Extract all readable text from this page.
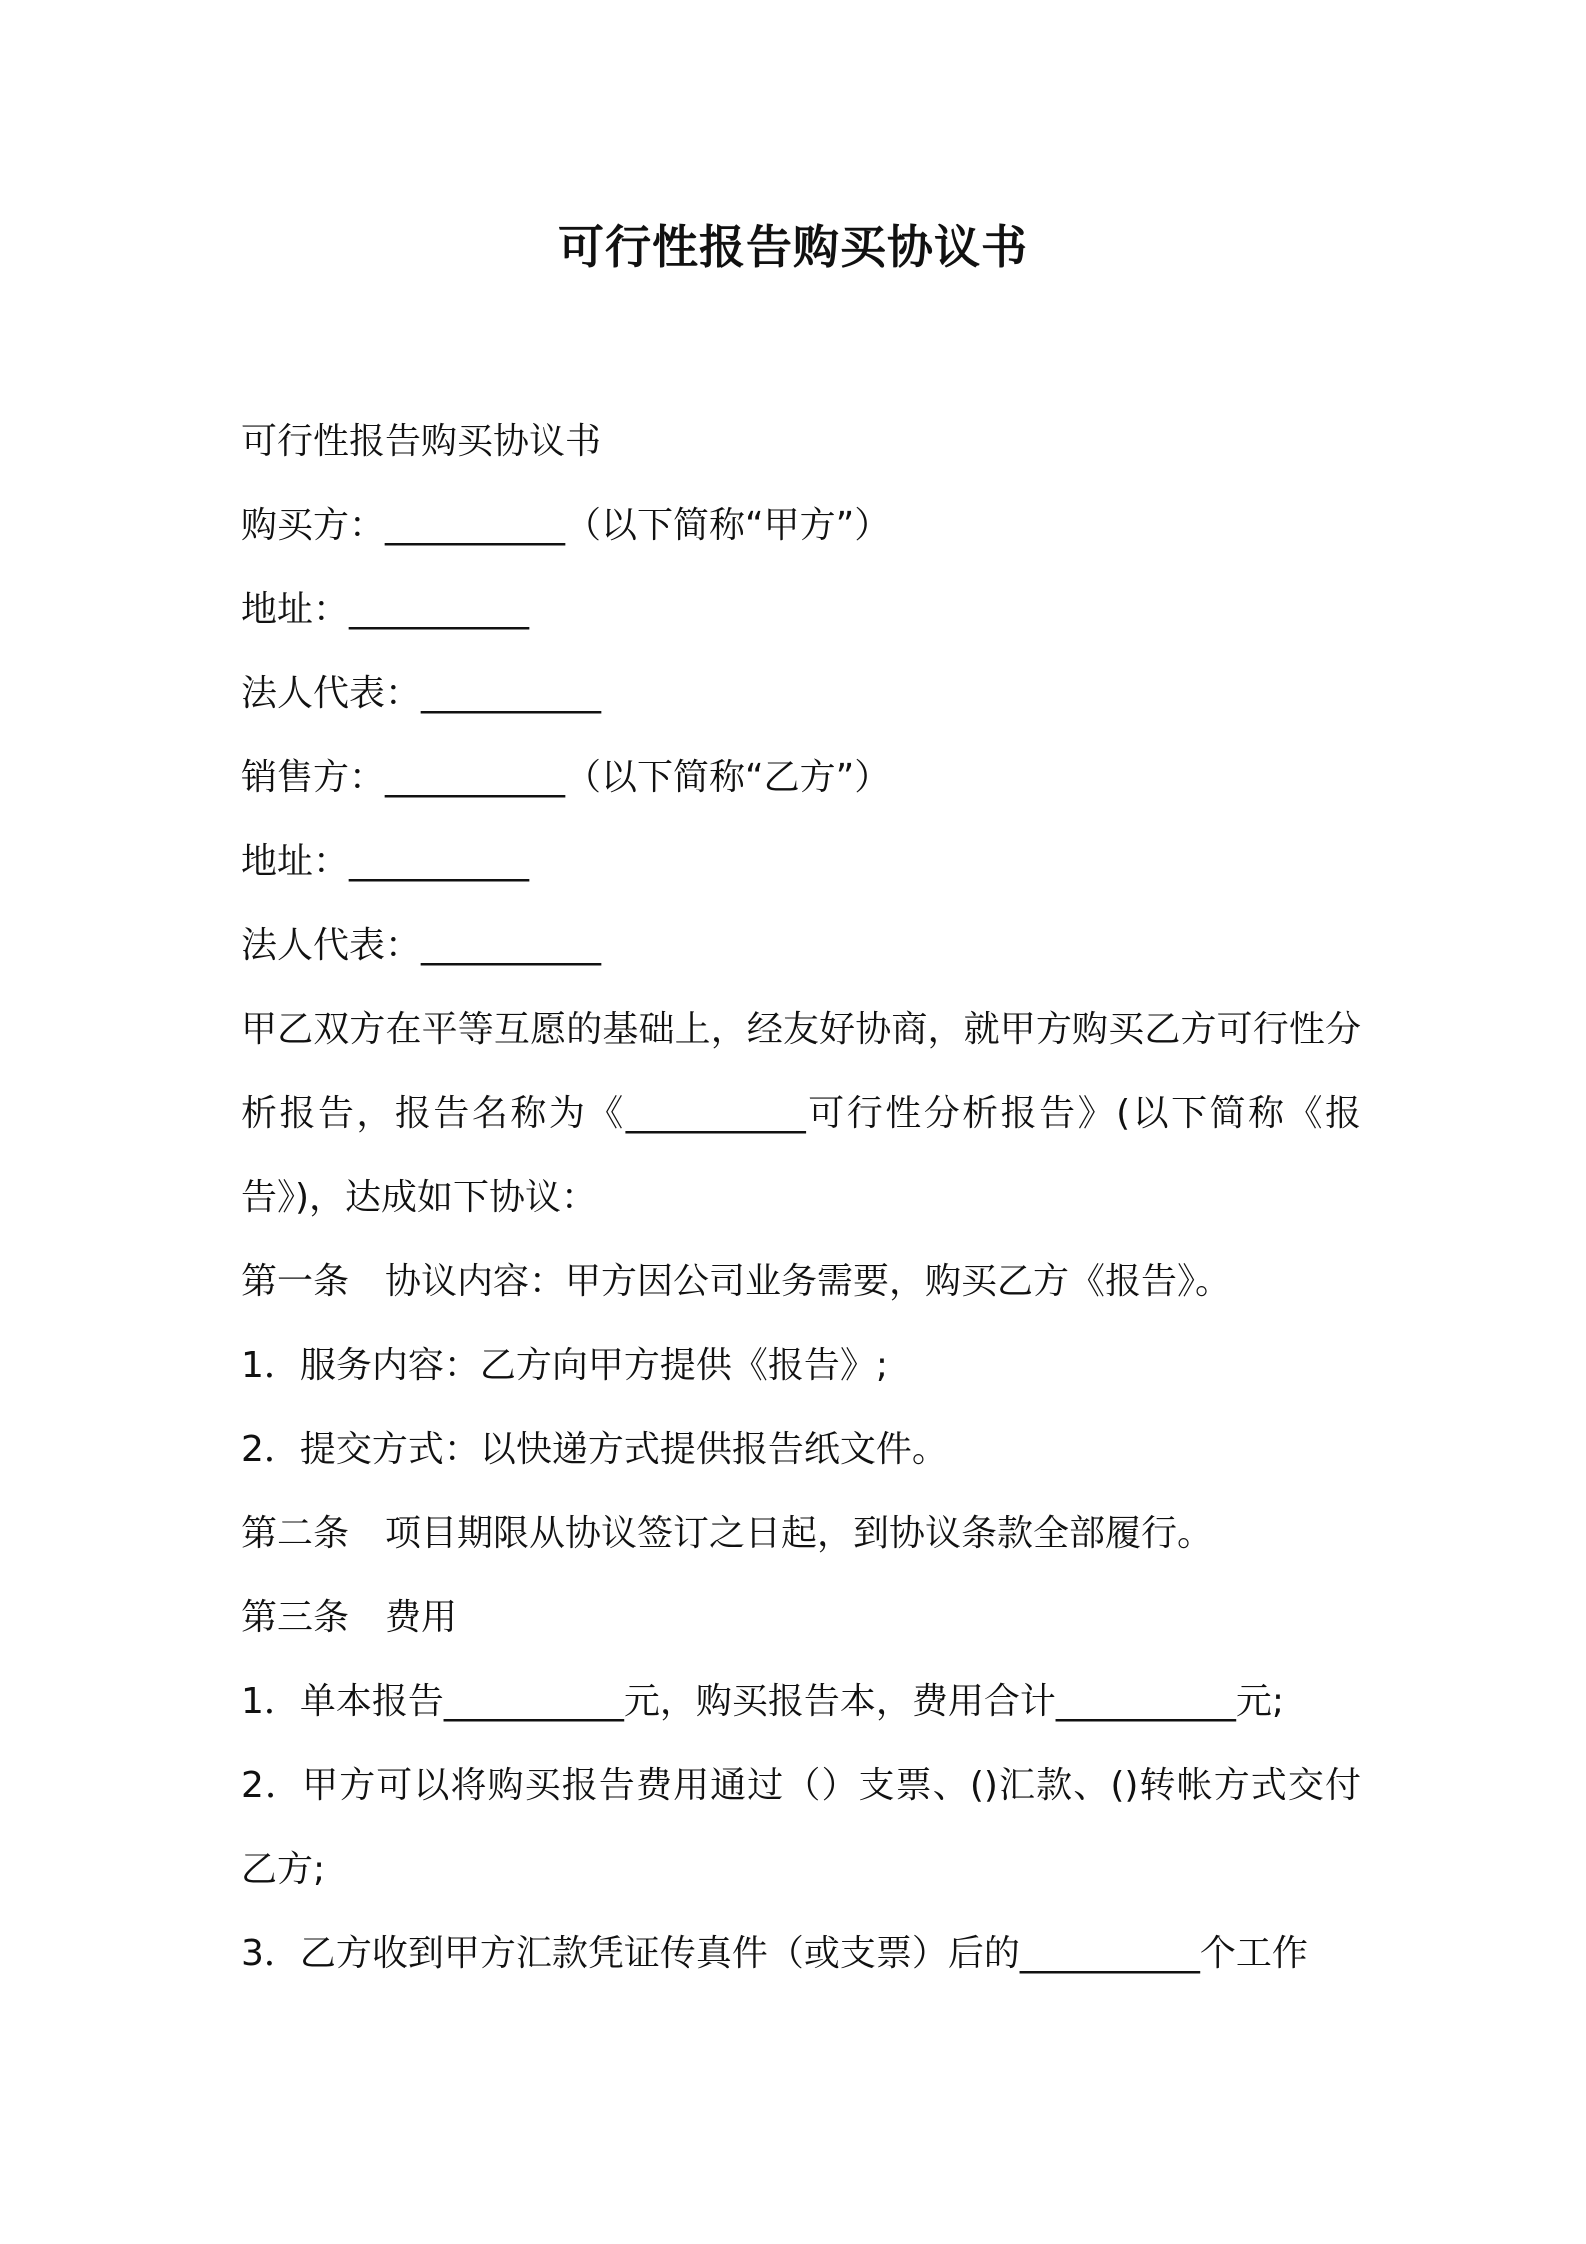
可行性报告购买协议书

可行性报告购买协议书

购买方：__________（以下简称“甲方”）

地址：__________

法人代表：__________

销售方：__________（以下简称“乙方”）

地址：__________

法人代表：__________

甲乙双方在平等互愿的基础上，经友好协商，就甲方购买乙方可行性分析报告，报告名称为《__________可行性分析报告》(以下简称《报告》)，达成如下协议：

第一条　协议内容：甲方因公司业务需要，购买乙方《报告》。

1．服务内容：乙方向甲方提供《报告》;

2．提交方式：以快递方式提供报告纸文件。

第二条　项目期限从协议签订之日起，到协议条款全部履行。

第三条　费用

1．单本报告__________元，购买报告本，费用合计__________元;

2．甲方可以将购买报告费用通过（）支票、()汇款、()转帐方式交付乙方;

3．乙方收到甲方汇款凭证传真件（或支票）后的__________个工作
